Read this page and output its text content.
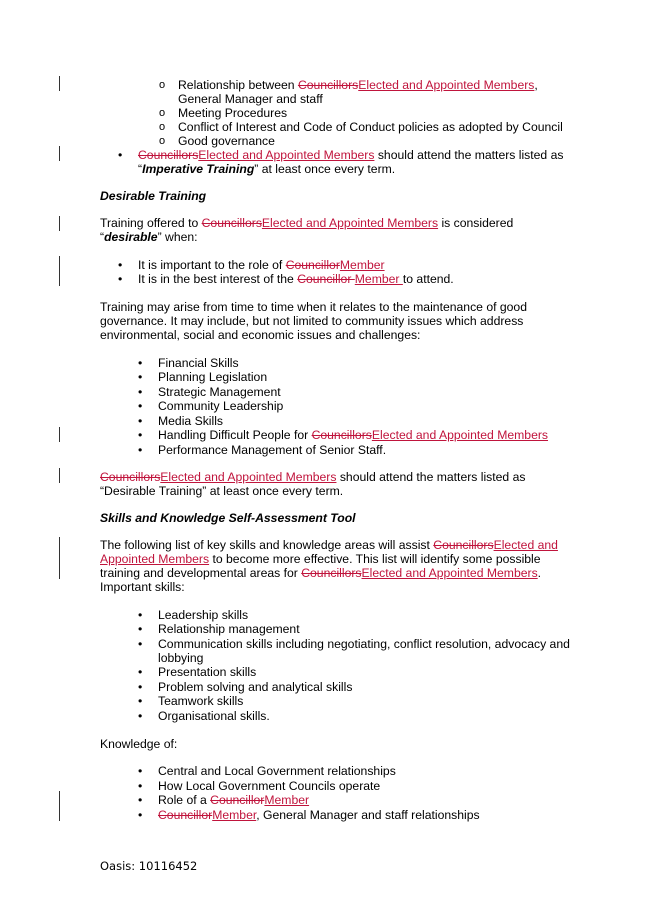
o Relationship between CouncillorsElected and Appointed Members,
General Manager and staff
o Meeting Procedures
o Conflict of Interest and Code of Conduct policies as adopted by Council
o Good governance
• CouncillorsElected and Appointed Members should attend the matters listed as
“Imperative Training” at least once every term.
Desirable Training
Training offered to CouncillorsElected and Appointed Members is considered
“desirable” when:
• It is important to the role of CouncillorMember
• It is in the best interest of the Councillor Member to attend.
Training may arise from time to time when it relates to the maintenance of good
governance. It may include, but not limited to community issues which address
environmental, social and economic issues and challenges:
• Financial Skills
• Planning Legislation
• Strategic Management
• Community Leadership
• Media Skills
• Handling Difficult People for CouncillorsElected and Appointed Members
• Performance Management of Senior Staff.
CouncillorsElected and Appointed Members should attend the matters listed as
“Desirable Training” at least once every term.
Skills and Knowledge Self-Assessment Tool
The following list of key skills and knowledge areas will assist CouncillorsElected and
Appointed Members to become more effective. This list will identify some possible
training and developmental areas for CouncillorsElected and Appointed Members.
Important skills:
• Leadership skills
• Relationship management
• Communication skills including negotiating, conflict resolution, advocacy and
lobbying
• Presentation skills
• Problem solving and analytical skills
• Teamwork skills
• Organisational skills.
Knowledge of:
• Central and Local Government relationships
• How Local Government Councils operate
• Role of a CouncillorMember
• CouncillorMember, General Manager and staff relationships
Oasis: 10116452
